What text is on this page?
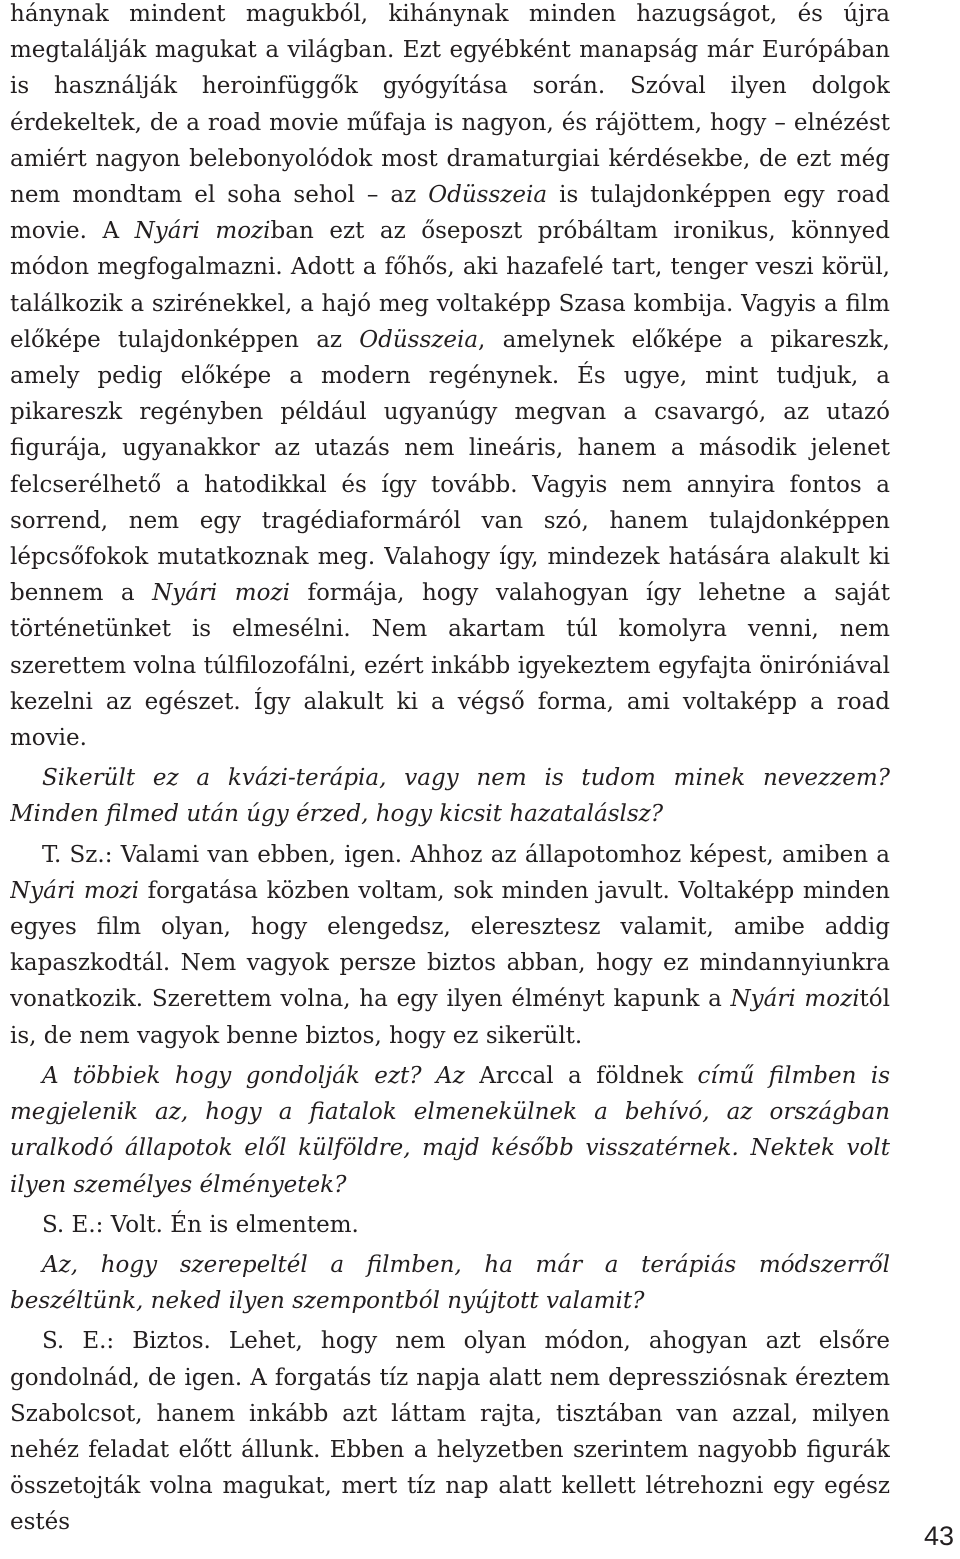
hánynak mindent magukból, kihánynak minden hazugságot, és újra megtalálják magukat a világban. Ezt egyébként manapság már Európában is használják heroinfüggők gyógyítása során. Szóval ilyen dolgok érdekeltek, de a road movie műfaja is nagyon, és rájöttem, hogy – elnézést amiért nagyon belebonyolódok most dramaturgiai kérdésekbe, de ezt még nem mondtam el soha sehol – az Odüsszeia is tulajdonképpen egy road movie. A Nyári moziban ezt az őseposzt próbáltam ironikus, könnyed módon megfogalmazni. Adott a főhős, aki hazafelé tart, tenger veszi körül, találkozik a szirénekkel, a hajó meg voltaképp Szasa kombija. Vagyis a film előképe tulajdonképpen az Odüsszeia, amelynek előképe a pikareszk, amely pedig előképe a modern regénynek. És ugye, mint tudjuk, a pikareszk regényben például ugyanúgy megvan a csavargó, az utazó figurája, ugyanakkor az utazás nem lineáris, hanem a második jelenet felcserélhető a hatodikkal és így tovább. Vagyis nem annyira fontos a sorrend, nem egy tragédiaformáról van szó, hanem tulajdonképpen lépcsőfokok mutatkoznak meg. Valahogy így, mindezek hatására alakult ki bennem a Nyári mozi formája, hogy valahogyan így lehetne a saját történetünket is elmesélni. Nem akartam túl komolyra venni, nem szerettem volna túlfilozofálni, ezért inkább igyekeztem egyfajta öniróniával kezelni az egészet. Így alakult ki a végső forma, ami voltaképp a road movie.

Sikerült ez a kvázi-terápia, vagy nem is tudom minek nevezzem? Minden filmed után úgy érzed, hogy kicsit hazataláslsz?

T. Sz.: Valami van ebben, igen. Ahhoz az állapotomhoz képest, amiben a Nyári mozi forgatása közben voltam, sok minden javult. Voltaképp minden egyes film olyan, hogy elengedsz, eleresztesz valamit, amibe addig kapaszkodtál. Nem vagyok persze biztos abban, hogy ez mindannyiunkra vonatkozik. Szerettem volna, ha egy ilyen élményt kapunk a Nyári mozitól is, de nem vagyok benne biztos, hogy ez sikerült.

A többiek hogy gondolják ezt? Az Arccal a földnek című filmben is megjelenik az, hogy a fiatalok elmenekülnek a behívó, az országban uralkodó állapotok elől külföldre, majd később visszatérnek. Nektek volt ilyen személyes élményetek?

S. E.: Volt. Én is elmentem.

Az, hogy szerepeltél a filmben, ha már a terápiás módszerről beszéltünk, neked ilyen szempontból nyújtott valamit?

S. E.: Biztos. Lehet, hogy nem olyan módon, ahogyan azt elsőre gondolnád, de igen. A forgatás tíz napja alatt nem depressziósnak éreztem Szabolcsot, hanem inkább azt láttam rajta, tisztában van azzal, milyen nehéz feladat előtt állunk. Ebben a helyzetben szerintem nagyobb figurák összetojták volna magukat, mert tíz nap alatt kellett létrehozni egy egész estés	43
